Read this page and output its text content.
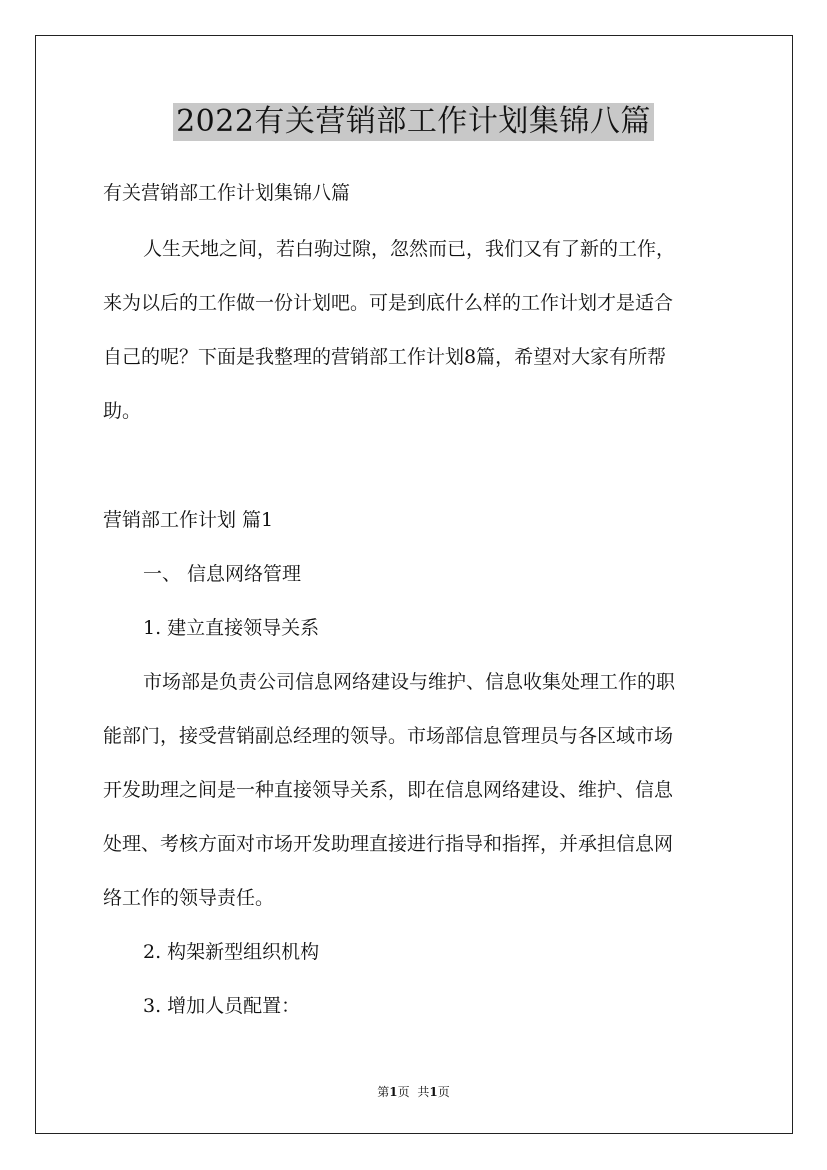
2022有关营销部工作计划集锦八篇
有关营销部工作计划集锦八篇
人生天地之间，若白驹过隙，忽然而已，我们又有了新的工作，
来为以后的工作做一份计划吧。可是到底什么样的工作计划才是适合
自己的呢？下面是我整理的营销部工作计划8篇，希望对大家有所帮
助。
营销部工作计划 篇1
一、 信息网络管理
1. 建立直接领导关系
市场部是负责公司信息网络建设与维护、信息收集处理工作的职
能部门，接受营销副总经理的领导。市场部信息管理员与各区域市场
开发助理之间是一种直接领导关系，即在信息网络建设、维护、信息
处理、考核方面对市场开发助理直接进行指导和指挥，并承担信息网
络工作的领导责任。
2. 构架新型组织机构
3. 增加人员配置：
第1页 共1页
